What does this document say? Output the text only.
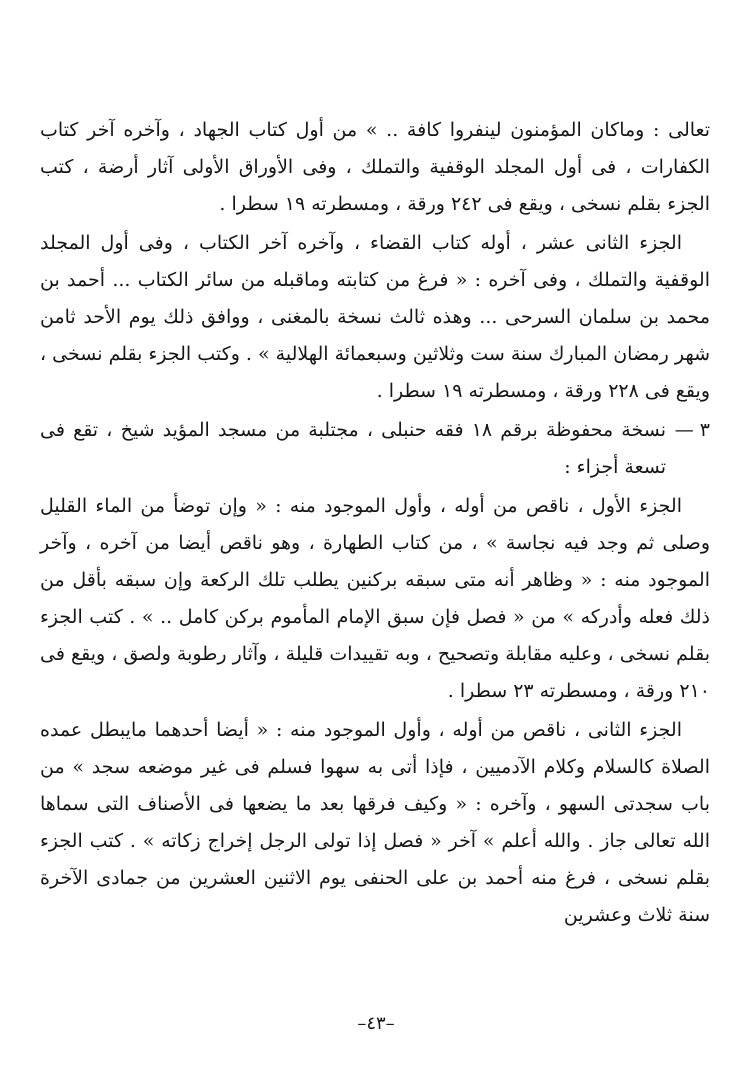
تعالى : وماكان المؤمنون لينفروا كافة .. » من أول كتاب الجهاد ، وآخره آخر كتاب الكفارات ، فى أول المجلد الوقفية والتملك ، وفى الأوراق الأولى آثار أرضة ، كتب الجزء بقلم نسخى ، ويقع فى ٢٤٢ ورقة ، ومسطرته ١٩ سطرا .

الجزء الثانى عشر ، أوله كتاب القضاء ، وآخره آخر الكتاب ، وفى أول المجلد الوقفية والتملك ، وفى آخره : « فرغ من كتابته وماقبله من سائر الكتاب ... أحمد بن محمد بن سلمان السرحى ... وهذه ثالث نسخة بالمغنى ، ووافق ذلك يوم الأحد ثامن شهر رمضان المبارك سنة ست وثلاثين وسبعمائة الهلالية » . وكتب الجزء بقلم نسخى ، ويقع فى ٢٢٨ ورقة ، ومسطرته ١٩ سطرا .

٣ —
نسخة محفوظة برقم ١٨ فقه حنبلى ، مجتلبة من مسجد المؤيد شيخ ، تقع فى تسعة أجزاء :

الجزء الأول ، ناقص من أوله ، وأول الموجود منه : « وإن توضأ من الماء القليل وصلى ثم وجد فيه نجاسة » ، من كتاب الطهارة ، وهو ناقص أيضا من آخره ، وآخر الموجود منه : « وظاهر أنه متى سبقه بركنين يطلب تلك الركعة وإن سبقه بأقل من ذلك فعله وأدركه » من « فصل فإن سبق الإمام المأموم بركن كامل .. » . كتب الجزء بقلم نسخى ، وعليه مقابلة وتصحيح ، وبه تقييدات قليلة ، وآثار رطوبة ولصق ، ويقع فى ٢١٠ ورقة ، ومسطرته ٢٣ سطرا .

الجزء الثانى ، ناقص من أوله ، وأول الموجود منه : « أيضا أحدهما مايبطل عمده الصلاة كالسلام وكلام الآدميين ، فإذا أتى به سهوا فسلم فى غير موضعه سجد » من باب سجدتى السهو ، وآخره : « وكيف فرقها بعد ما يضعها فى الأصناف التى سماها الله تعالى جاز . والله أعلم » آخر « فصل إذا تولى الرجل إخراج زكاته » . كتب الجزء بقلم نسخى ، فرغ منه أحمد بن على الحنفى يوم الاثنين العشرين من جمادى الآخرة سنة ثلاث وعشرين

–٤٣–
